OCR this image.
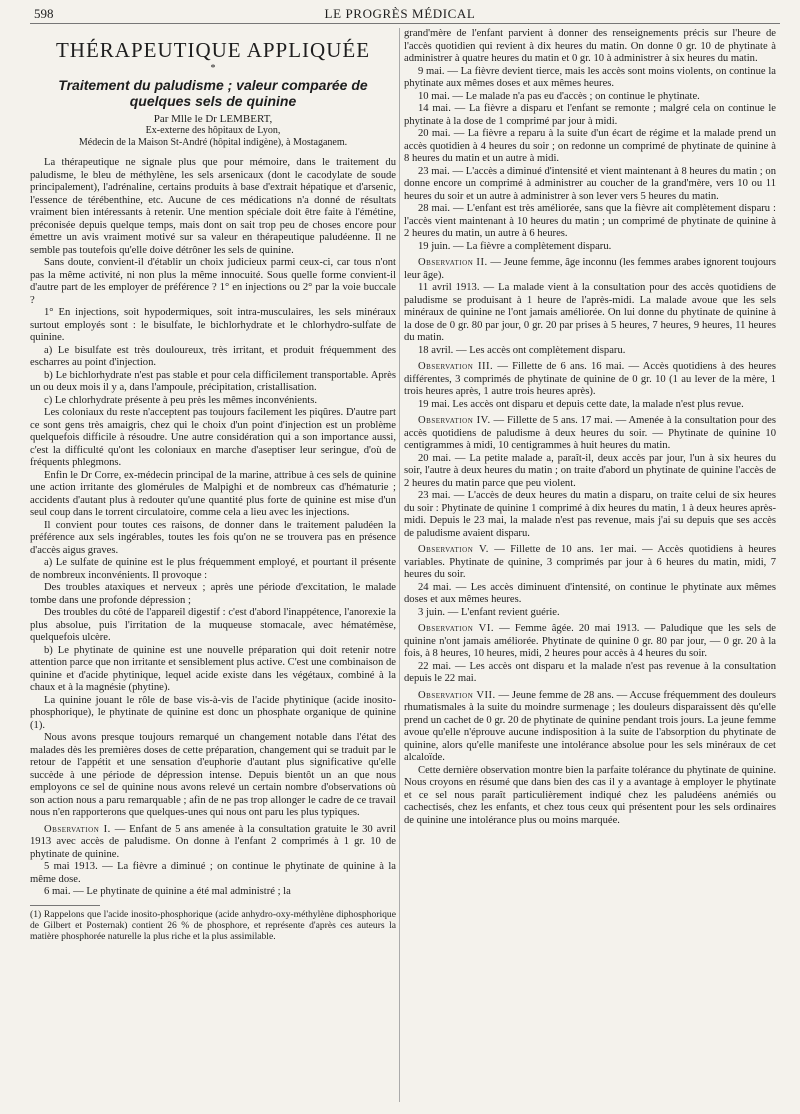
598	LE PROGRÈS MÉDICAL
THÉRAPEUTIQUE APPLIQUÉE
*
Traitement du paludisme ; valeur comparée de quelques sels de quinine

Par Mlle le Dr LEMBERT,

Ex-externe des hôpitaux de Lyon,

Médecin de la Maison St-André (hôpital indigène), à Mostaganem.

La thérapeutique ne signale plus que pour mémoire, dans le traitement du paludisme, le bleu de méthylène, les sels arsenicaux (dont le cacodylate de soude principalement), l'adrénaline, certains produits à base d'extrait hépatique et d'arsenic, l'essence de térébenthine, etc. Aucune de ces médications n'a donné de résultats vraiment bien intéressants à retenir. Une mention spéciale doit être faite à l'émétine, préconisée depuis quelque temps, mais dont on sait trop peu de choses encore pour émettre un avis vraiment motivé sur sa valeur en thérapeutique paludéenne. Il ne semble pas toutefois qu'elle doive détrôner les sels de quinine.

Sans doute, convient-il d'établir un choix judicieux parmi ceux-ci, car tous n'ont pas la même activité, ni non plus la même innocuité. Sous quelle forme convient-il d'autre part de les employer de préférence ? 1° en injections ou 2° par la voie buccale ?

1° En injections, soit hypodermiques, soit intra-musculaires, les sels minéraux surtout employés sont : le bisulfate, le bichlorhydrate et le chlorhydro-sulfate de quinine.

a) Le bisulfate est très douloureux, très irritant, et produit fréquemment des escharres au point d'injection.

b) Le bichlorhydrate n'est pas stable et pour cela difficilement transportable. Après un ou deux mois il y a, dans l'ampoule, précipitation, cristallisation.

c) Le chlorhydrate présente à peu près les mêmes inconvénients.

Les coloniaux du reste n'acceptent pas toujours facilement les piqûres. D'autre part ce sont gens très amaigris, chez qui le choix d'un point d'injection est un problème quelquefois difficile à résoudre. Une autre considération qui a son importance aussi, c'est la difficulté qu'ont les coloniaux en marche d'aseptiser leur seringue, d'où de fréquents phlegmons.

Enfin le Dr Corre, ex-médecin principal de la marine, attribue à ces sels de quinine une action irritante des glomérules de Malpighi et de nombreux cas d'hématurie ; accidents d'autant plus à redouter qu'une quantité plus forte de quinine est mise d'un seul coup dans le torrent circulatoire, comme cela a lieu avec les injections.

Il convient pour toutes ces raisons, de donner dans le traitement paludéen la préférence aux sels ingérables, toutes les fois qu'on ne se trouvera pas en présence d'accès aigus graves.

a) Le sulfate de quinine est le plus fréquemment employé, et pourtant il présente de nombreux inconvénients. Il provoque :

Des troubles ataxiques et nerveux ; après une période d'excitation, le malade tombe dans une profonde dépression ;

Des troubles du côté de l'appareil digestif : c'est d'abord l'inappétence, l'anorexie la plus absolue, puis l'irritation de la muqueuse stomacale, avec hématémèse, quelquefois ulcère.

b) Le phytinate de quinine est une nouvelle préparation qui doit retenir notre attention parce que non irritante et sensiblement plus active. C'est une combinaison de quinine et d'acide phytinique, lequel acide existe dans les végétaux, combiné à la chaux et à la magnésie (phytine).

La quinine jouant le rôle de base vis-à-vis de l'acide phytinique (acide inosito-phosphorique), le phytinate de quinine est donc un phosphate organique de quinine (1).

Nous avons presque toujours remarqué un changement notable dans l'état des malades dès les premières doses de cette préparation, changement qui se traduit par le retour de l'appétit et une sensation d'euphorie d'autant plus significative qu'elle succède à une période de dépression intense. Depuis bientôt un an que nous employons ce sel de quinine nous avons relevé un certain nombre d'observations où son action nous a paru remarquable ; afin de ne pas trop allonger le cadre de ce travail nous n'en rapporterons que quelques-unes qui nous ont paru les plus typiques.

Observation I. — Enfant de 5 ans amenée à la consultation gratuite le 30 avril 1913 avec accès de paludisme. On donne à l'enfant 2 comprimés à 1 gr. 10 de phytinate de quinine.

5 mai 1913. — La fièvre a diminué ; on continue le phytinate de quinine à la même dose.

6 mai. — Le phytinate de quinine a été mal administré ; la

(1) Rappelons que l'acide inosito-phosphorique (acide anhydro-oxy-méthylène diphosphorique de Gilbert et Posternak) contient 26 % de phosphore, et représente d'après ces auteurs la matière phosphorée naturelle la plus riche et la plus assimilable.

grand'mère de l'enfant parvient à donner des renseignements précis sur l'heure de l'accès quotidien qui revient à dix heures du matin. On donne 0 gr. 10 de phytinate à administrer à quatre heures du matin et 0 gr. 10 à administrer à six heures du matin.

9 mai. — La fièvre devient tierce, mais les accès sont moins violents, on continue la phytinate aux mêmes doses et aux mêmes heures.

10 mai. — Le malade n'a pas eu d'accès ; on continue le phytinate.

14 mai. — La fièvre a disparu et l'enfant se remonte ; malgré cela on continue le phytinate à la dose de 1 comprimé par jour à midi.

20 mai. — La fièvre a reparu à la suite d'un écart de régime et la malade prend un accès quotidien à 4 heures du soir ; on redonne un comprimé de phytinate de quinine à 8 heures du matin et un autre à midi.

23 mai. — L'accès a diminué d'intensité et vient maintenant à 8 heures du matin ; on donne encore un comprimé à administrer au coucher de la grand'mère, vers 10 ou 11 heures du soir et un autre à administrer à son lever vers 5 heures du matin.

28 mai. — L'enfant est très améliorée, sans que la fièvre ait complètement disparu : l'accès vient maintenant à 10 heures du matin ; un comprimé de phytinate de quinine à 2 heures du matin, un autre à 6 heures.

19 juin. — La fièvre a complètement disparu.

Observation II. — Jeune femme, âge inconnu (les femmes arabes ignorent toujours leur âge).

11 avril 1913. — La malade vient à la consultation pour des accès quotidiens de paludisme se produisant à 1 heure de l'après-midi. La malade avoue que les sels minéraux de quinine ne l'ont jamais améliorée. On lui donne du phytinate de quinine à la dose de 0 gr. 80 par jour, 0 gr. 20 par prises à 5 heures, 7 heures, 9 heures, 11 heures du matin.

18 avril. — Les accès ont complètement disparu.

Observation III. — Fillette de 6 ans. 16 mai. — Accès quotidiens à des heures différentes, 3 comprimés de phytinate de quinine de 0 gr. 10 (1 au lever de la mère, 1 trois heures après, 1 autre trois heures après).

19 mai. Les accès ont disparu et depuis cette date, la malade n'est plus revue.

Observation IV. — Fillette de 5 ans. 17 mai. — Amenée à la consultation pour des accès quotidiens de paludisme à deux heures du soir. — Phytinate de quinine 10 centigrammes à midi, 10 centigrammes à huit heures du matin.

20 mai. — La petite malade a, paraît-il, deux accès par jour, l'un à six heures du soir, l'autre à deux heures du matin ; on traite d'abord un phytinate de quinine l'accès de 2 heures du matin parce que peu violent.

23 mai. — L'accès de deux heures du matin a disparu, on traite celui de six heures du soir : Phytinate de quinine 1 comprimé à dix heures du matin, 1 à deux heures après-midi. Depuis le 23 mai, la malade n'est pas revenue, mais j'ai su depuis que ses accès de paludisme avaient disparu.

Observation V. — Fillette de 10 ans. 1er mai. — Accès quotidiens à heures variables. Phytinate de quinine, 3 comprimés par jour à 6 heures du matin, midi, 7 heures du soir.

24 mai. — Les accès diminuent d'intensité, on continue le phytinate aux mêmes doses et aux mêmes heures.

3 juin. — L'enfant revient guérie.

Observation VI. — Femme âgée. 20 mai 1913. — Paludique que les sels de quinine n'ont jamais améliorée. Phytinate de quinine 0 gr. 80 par jour, — 0 gr. 20 à la fois, à 8 heures, 10 heures, midi, 2 heures pour accès à 4 heures du soir.

22 mai. — Les accès ont disparu et la malade n'est pas revenue à la consultation depuis le 22 mai.

Observation VII. — Jeune femme de 28 ans. — Accuse fréquemment des douleurs rhumatismales à la suite du moindre surmenage ; les douleurs disparaissent dès qu'elle prend un cachet de 0 gr. 20 de phytinate de quinine pendant trois jours. La jeune femme avoue qu'elle n'éprouve aucune indisposition à la suite de l'absorption du phytinate de quinine, alors qu'elle manifeste une intolérance absolue pour les sels minéraux de cet alcaloïde.

Cette dernière observation montre bien la parfaite tolérance du phytinate de quinine. Nous croyons en résumé que dans bien des cas il y a avantage à employer le phytinate et ce sel nous paraît particulièrement indiqué chez les paludéens anémiés ou cachectisés, chez les enfants, et chez tous ceux qui présentent pour les sels ordinaires de quinine une intolérance plus ou moins marquée.
